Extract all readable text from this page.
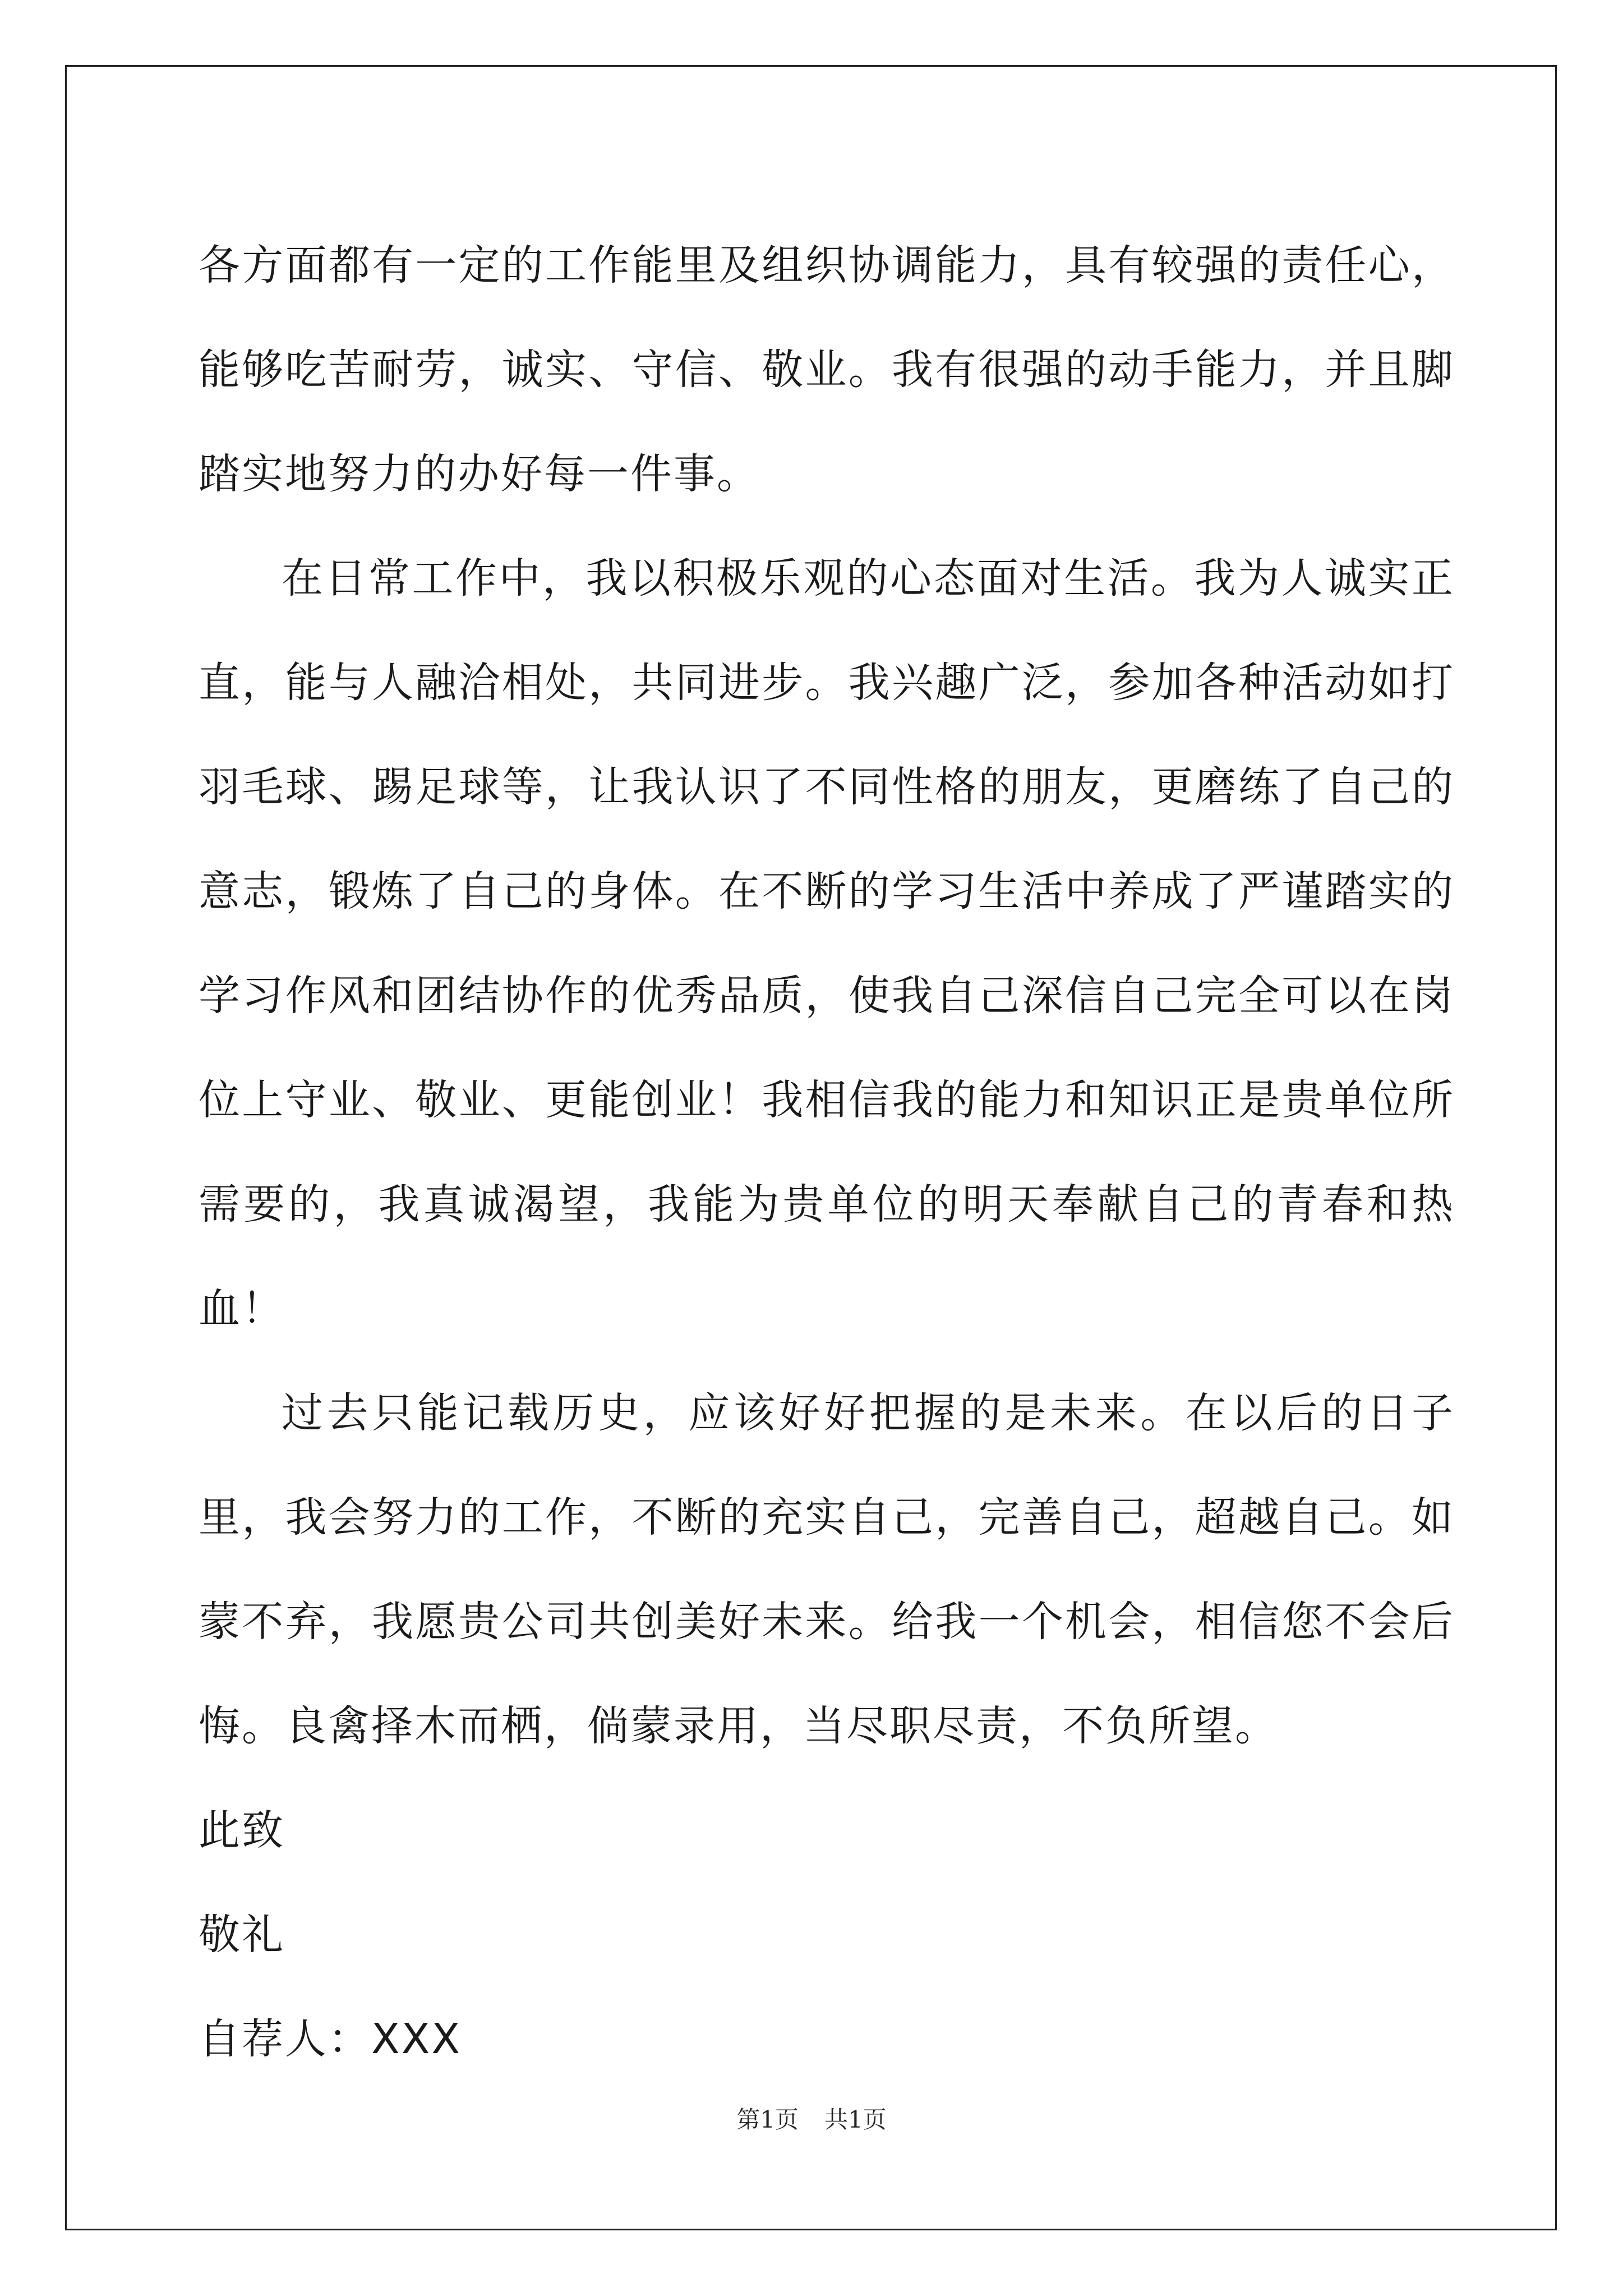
各方面都有一定的工作能里及组织协调能力，具有较强的责任心，能够吃苦耐劳，诚实、守信、敬业。我有很强的动手能力，并且脚踏实地努力的办好每一件事。

在日常工作中，我以积极乐观的心态面对生活。我为人诚实正直，能与人融洽相处，共同进步。我兴趣广泛，参加各种活动如打羽毛球、踢足球等，让我认识了不同性格的朋友，更磨练了自己的意志，锻炼了自己的身体。在不断的学习生活中养成了严谨踏实的学习作风和团结协作的优秀品质，使我自己深信自己完全可以在岗位上守业、敬业、更能创业！我相信我的能力和知识正是贵单位所需要的，我真诚渴望，我能为贵单位的明天奉献自己的青春和热血！

过去只能记载历史，应该好好把握的是未来。在以后的日子里，我会努力的工作，不断的充实自己，完善自己，超越自己。如蒙不弃，我愿贵公司共创美好未来。给我一个机会，相信您不会后悔。良禽择木而栖，倘蒙录用，当尽职尽责，不负所望。

此致

敬礼

自荐人：XXX

第1页 共1页
